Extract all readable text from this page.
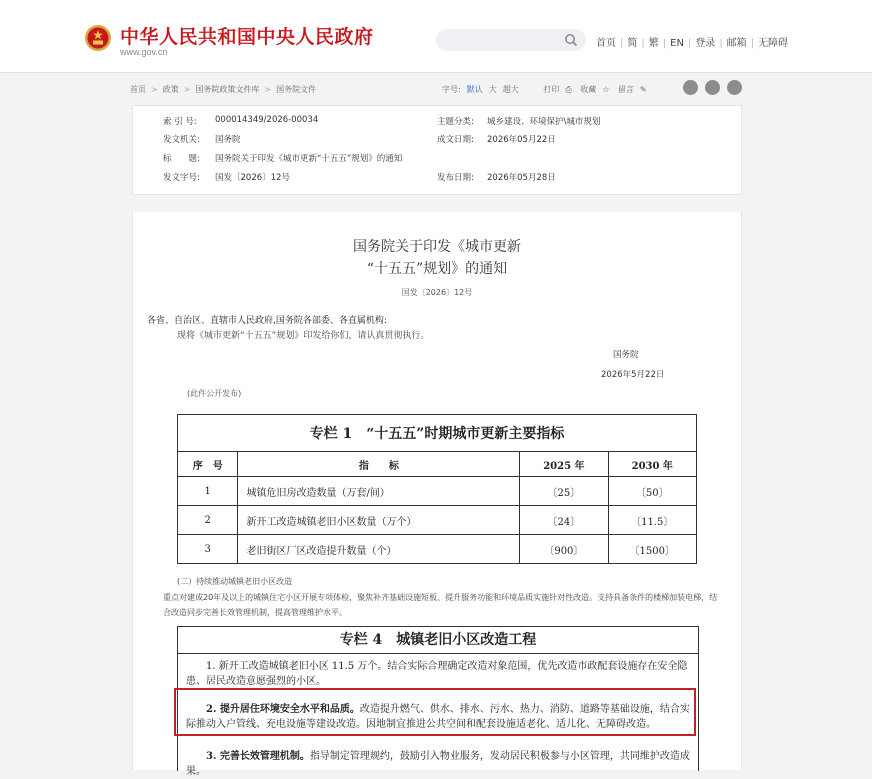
中华人民共和国中央人民政府
www.gov.cn
首页 | 简 | 繁 | EN | 登录 | 邮箱 | 无障碍
首页 > 政策 > 国务院政策文件库 > 国务院文件	字号: 默认 大 超大	打印 ⎙ 收藏 ☆ 留言 ✎
索 引 号: 000014349/2026-00034	主题分类: 城乡建设、环境保护\城市规划
发文机关: 国务院	成文日期: 2026年05月22日
标　　题: 国务院关于印发《城市更新“十五五”规划》的通知
发文字号: 国发〔2026〕12号	发布日期: 2026年05月28日
国务院关于印发《城市更新
“十五五”规划》的通知
国发〔2026〕12号
各省、自治区、直辖市人民政府,国务院各部委、各直属机构:
现将《城市更新“十五五”规划》印发给你们，请认真贯彻执行。
国务院
2026年5月22日
(此件公开发布)
专栏 1　“十五五”时期城市更新主要指标			
序　号	指　　标	2025 年	2030 年
1	城镇危旧房改造数量（万套/间）	〔25〕	〔50〕
2	新开工改造城镇老旧小区数量（万个）	〔24〕	〔11.5〕
3	老旧街区厂区改造提升数量（个）	〔900〕	〔1500〕
(二）持续推动城镇老旧小区改造
重点对建成20年及以上的城镇住宅小区开展专项体检，聚焦补齐基础设施短板、提升服务功能和环境品质实施针对性改造。支持具备条件的楼梯加装电梯，结合改造同步完善长效管理机制，提高管理维护水平。
专栏 4　城镇老旧小区改造工程
1. 新开工改造城镇老旧小区 11.5 万个。结合实际合理确定改造对象范围，优先改造市政配套设施存在安全隐患、居民改造意愿强烈的小区。
2. 提升居住环境安全水平和品质。改造提升燃气、供水、排水、污水、热力、消防、道路等基础设施，结合实际推动入户管线、充电设施等建设改造。因地制宜推进公共空间和配套设施适老化、适儿化、无障碍改造。
3. 完善长效管理机制。指导制定管理规约，鼓励引入物业服务，发动居民积极参与小区管理，共同维护改造成果。
